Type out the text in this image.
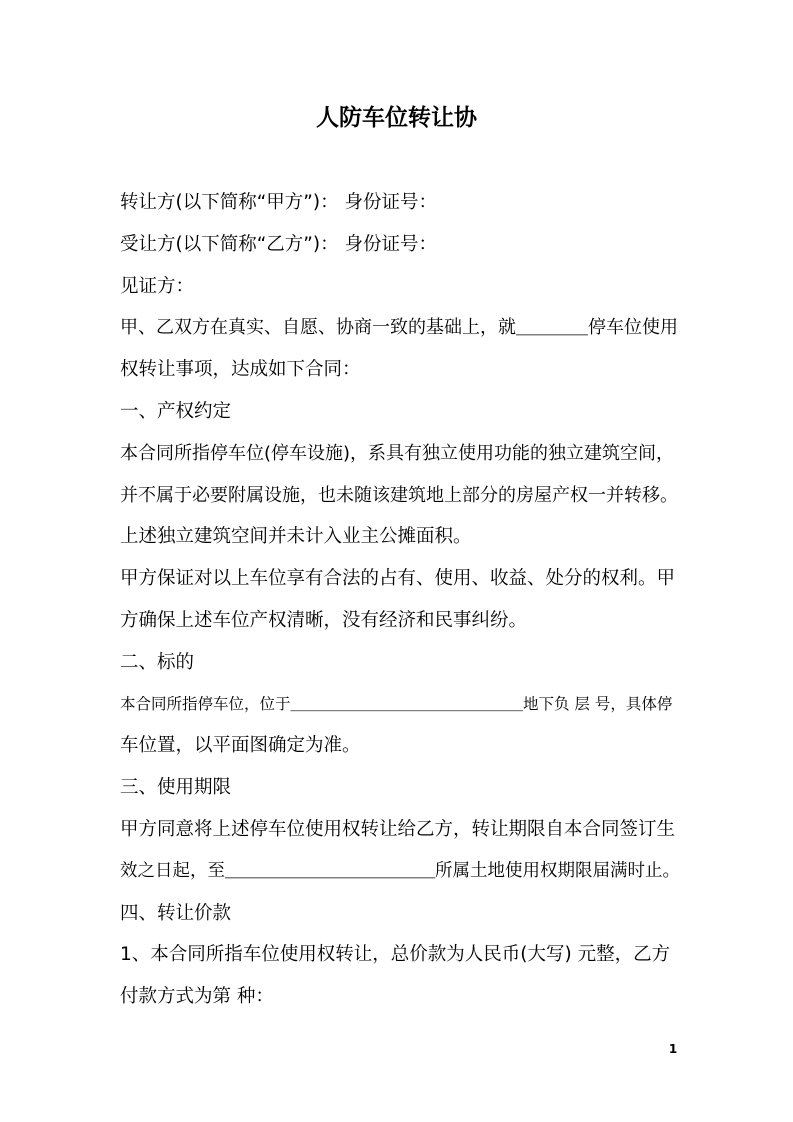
人防车位转让协
转让方(以下简称“甲方”)： 身份证号：
受让方(以下简称“乙方”)： 身份证号：
见证方：
甲、乙双方在真实、自愿、协商一致的基础上，就＿＿＿＿停车位使用
权转让事项，达成如下合同：
一、产权约定
本合同所指停车位(停车设施)，系具有独立使用功能的独立建筑空间，
并不属于必要附属设施，也未随该建筑地上部分的房屋产权一并转移。
上述独立建筑空间并未计入业主公摊面积。
甲方保证对以上车位享有合法的占有、使用、收益、处分的权利。甲
方确保上述车位产权清晰，没有经济和民事纠纷。
二、标的
本合同所指停车位，位于＿＿＿＿＿＿＿＿＿＿＿＿＿＿＿地下负 层 号，具体停
车位置，以平面图确定为准。
三、使用期限
甲方同意将上述停车位使用权转让给乙方，转让期限自本合同签订生
效之日起，至＿＿＿＿＿＿＿＿＿＿＿＿所属土地使用权期限届满时止。
四、转让价款
1、本合同所指车位使用权转让，总价款为人民币(大写) 元整，乙方
付款方式为第 种：
1
